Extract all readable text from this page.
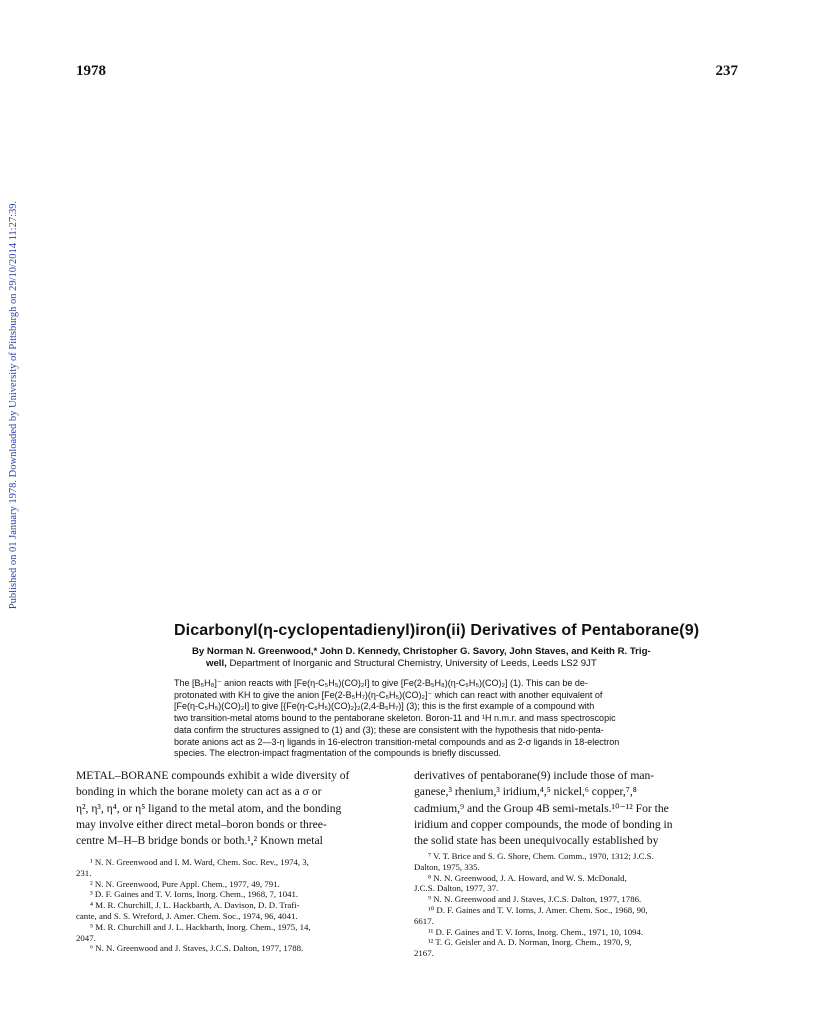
1978	237
Published on 01 January 1978. Downloaded by University of Pittsburgh on 29/10/2014 11:27:39.
Dicarbonyl(η-cyclopentadienyl)iron(ii) Derivatives of Pentaborane(9)
By Norman N. Greenwood,* John D. Kennedy, Christopher G. Savory, John Staves, and Keith R. Trig-
well, Department of Inorganic and Structural Chemistry, University of Leeds, Leeds LS2 9JT
The [B₅H₈]⁻ anion reacts with [Fe(η-C₅H₅)(CO)₂I] to give [Fe(2-B₅H₈)(η-C₅H₅)(CO)₂] (1). This can be de-
protonated with KH to give the anion [Fe(2-B₅H₇)(η-C₅H₅)(CO)₂]⁻ which can react with another equivalent of
[Fe(η-C₅H₅)(CO)₂I] to give [{Fe(η-C₅H₅)(CO)₂}₂(2,4-B₅H₇)] (3); this is the first example of a compound with
two transition-metal atoms bound to the pentaborane skeleton. Boron-11 and ¹H n.m.r. and mass spectroscopic
data confirm the structures assigned to (1) and (3); these are consistent with the hypothesis that nido-penta-
borate anions act as 2—3-η ligands in 16-electron transition-metal compounds and as 2-σ ligands in 18-electron
species. The electron-impact fragmentation of the compounds is briefly discussed.
METAL–BORANE compounds exhibit a wide diversity of
bonding in which the borane moiety can act as a σ or
η², η³, η⁴, or η⁵ ligand to the metal atom, and the bonding
may involve either direct metal–boron bonds or three-
centre M–H–B bridge bonds or both.¹,² Known metal
derivatives of pentaborane(9) include those of man-
ganese,³ rhenium,³ iridium,⁴,⁵ nickel,⁶ copper,⁷,⁸
cadmium,⁹ and the Group 4B semi-metals.¹⁰⁻¹² For the
iridium and copper compounds, the mode of bonding in
the solid state has been unequivocally established by
¹ N. N. Greenwood and I. M. Ward, Chem. Soc. Rev., 1974, 3,
231.
² N. N. Greenwood, Pure Appl. Chem., 1977, 49, 791.
³ D. F. Gaines and T. V. Iorns, Inorg. Chem., 1968, 7, 1041.
⁴ M. R. Churchill, J. L. Hackbarth, A. Davison, D. D. Trafi-
cante, and S. S. Wreford, J. Amer. Chem. Soc., 1974, 96, 4041.
⁵ M. R. Churchill and J. L. Hackbarth, Inorg. Chem., 1975, 14,
2047.
⁶ N. N. Greenwood and J. Staves, J.C.S. Dalton, 1977, 1788.
⁷ V. T. Brice and S. G. Shore, Chem. Comm., 1970, 1312; J.C.S.
Dalton, 1975, 335.
⁸ N. N. Greenwood, J. A. Howard, and W. S. McDonald,
J.C.S. Dalton, 1977, 37.
⁹ N. N. Greenwood and J. Staves, J.C.S. Dalton, 1977, 1786.
¹⁰ D. F. Gaines and T. V. Iorns, J. Amer. Chem. Soc., 1968, 90,
6617.
¹¹ D. F. Gaines and T. V. Iorns, Inorg. Chem., 1971, 10, 1094.
¹² T. G. Geisler and A. D. Norman, Inorg. Chem., 1970, 9,
2167.
